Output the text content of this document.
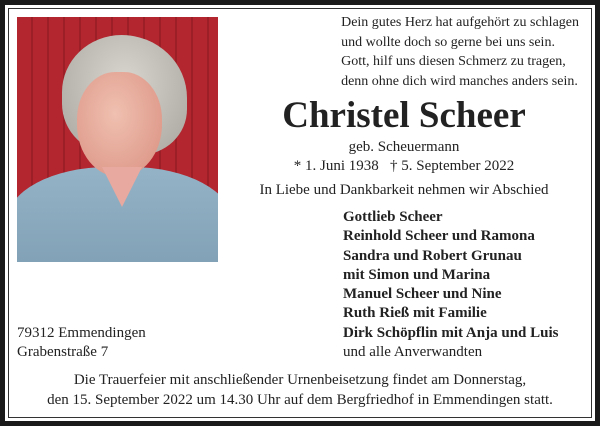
Dein gutes Herz hat aufgehört zu schlagen
und wollte doch so gerne bei uns sein.
Gott, hilf uns diesen Schmerz zu tragen,
denn ohne dich wird manches anders sein.
Christel Scheer
geb. Scheuermann
* 1. Juni 1938   † 5. September 2022
In Liebe und Dankbarkeit nehmen wir Abschied
Gottlieb Scheer
Reinhold Scheer und Ramona
Sandra und Robert Grunau
mit Simon und Marina
Manuel Scheer und Nine
Ruth Rieß mit Familie
Dirk Schöpflin mit Anja und Luis
und alle Anverwandten
79312 Emmendingen
Grabenstraße 7
Die Trauerfeier mit anschließender Urnenbeisetzung findet am Donnerstag,
den 15. September 2022 um 14.30 Uhr auf dem Bergfriedhof in Emmendingen statt.
